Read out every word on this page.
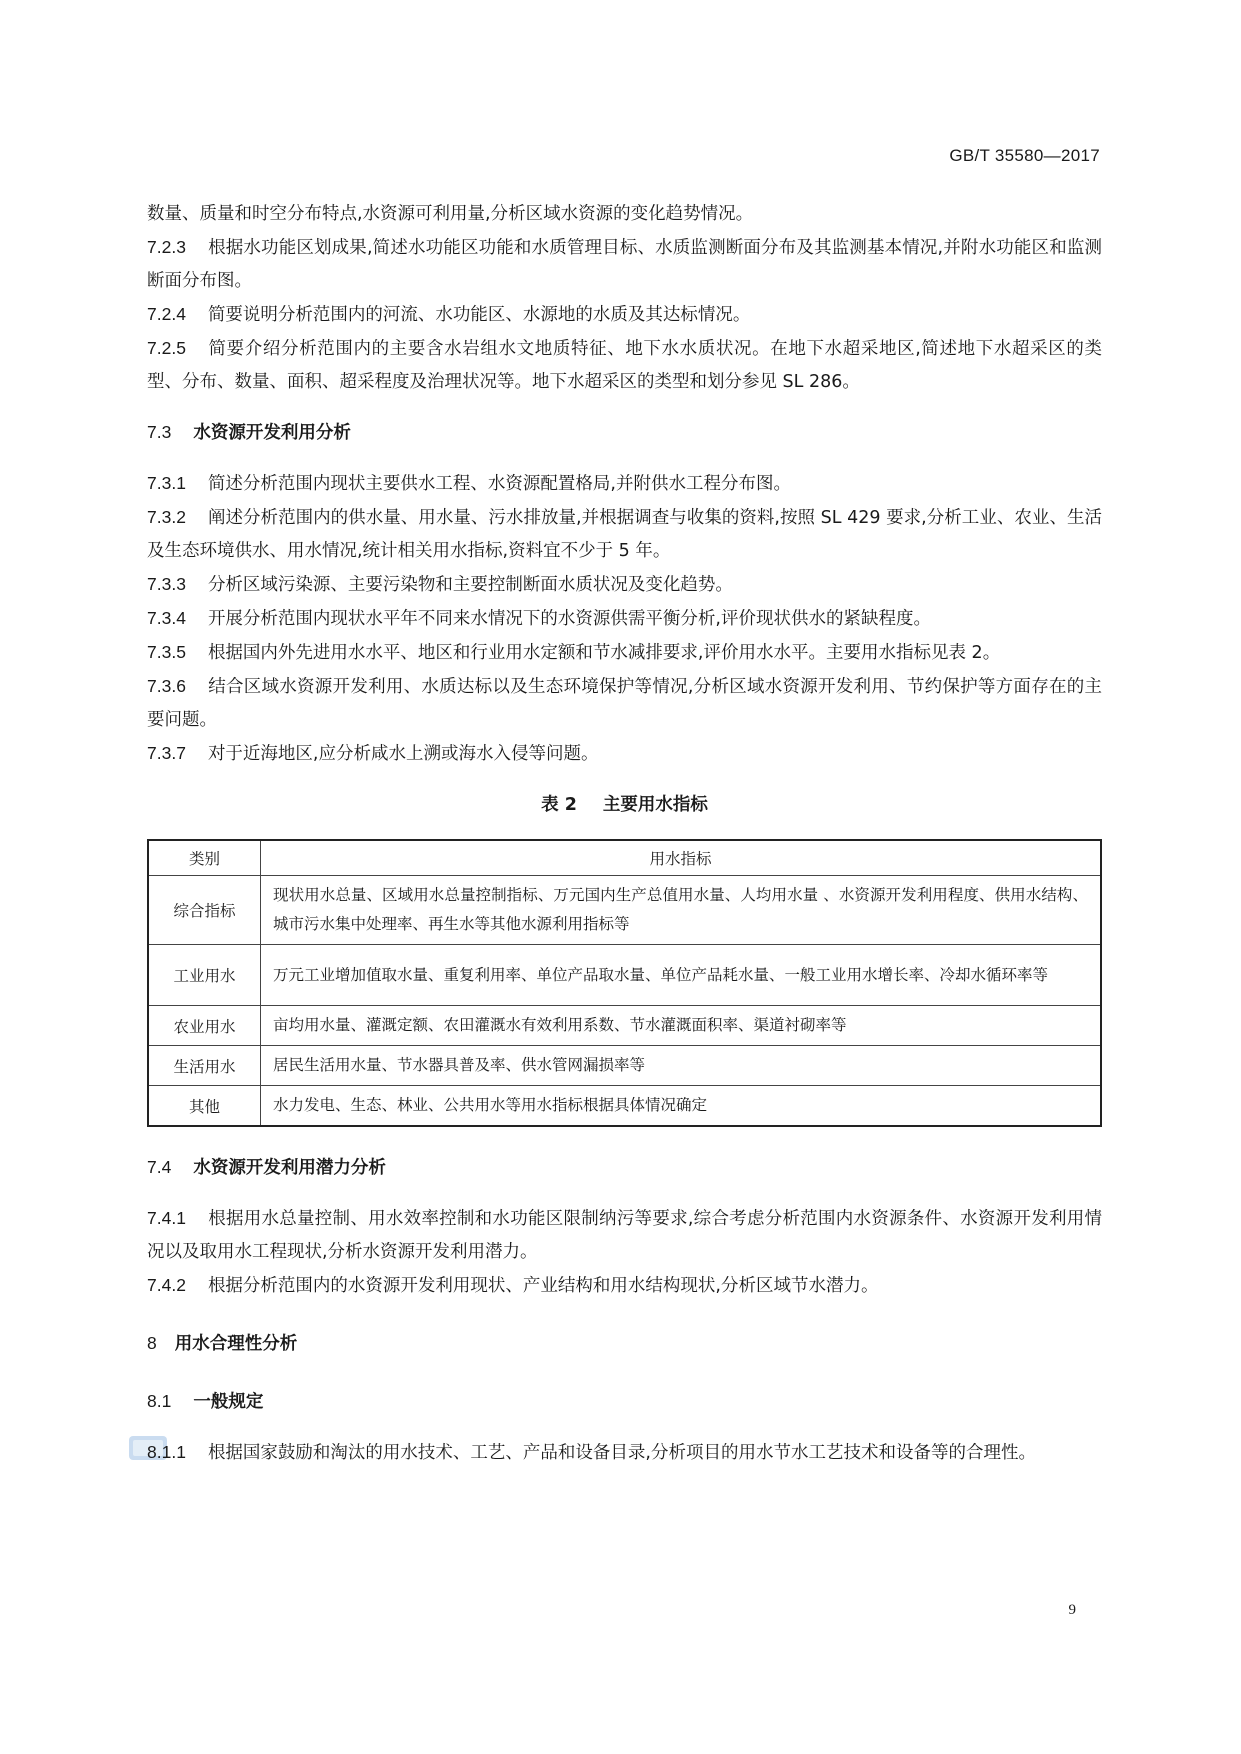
GB/T 35580—2017

数量、质量和时空分布特点,水资源可利用量,分析区域水资源的变化趋势情况。

7.2.3 根据水功能区划成果,简述水功能区功能和水质管理目标、水质监测断面分布及其监测基本情况,并附水功能区和监测断面分布图。

7.2.4 简要说明分析范围内的河流、水功能区、水源地的水质及其达标情况。

7.2.5 简要介绍分析范围内的主要含水岩组水文地质特征、地下水水质状况。在地下水超采地区,简述地下水超采区的类型、分布、数量、面积、超采程度及治理状况等。地下水超采区的类型和划分参见 SL 286。

7.3 水资源开发利用分析

7.3.1 简述分析范围内现状主要供水工程、水资源配置格局,并附供水工程分布图。

7.3.2 阐述分析范围内的供水量、用水量、污水排放量,并根据调查与收集的资料,按照 SL 429 要求,分析工业、农业、生活及生态环境供水、用水情况,统计相关用水指标,资料宜不少于 5 年。

7.3.3 分析区域污染源、主要污染物和主要控制断面水质状况及变化趋势。

7.3.4 开展分析范围内现状水平年不同来水情况下的水资源供需平衡分析,评价现状供水的紧缺程度。

7.3.5 根据国内外先进用水水平、地区和行业用水定额和节水减排要求,评价用水水平。主要用水指标见表 2。

7.3.6 结合区域水资源开发利用、水质达标以及生态环境保护等情况,分析区域水资源开发利用、节约保护等方面存在的主要问题。

7.3.7 对于近海地区,应分析咸水上溯或海水入侵等问题。

表 2 主要用水指标
类别	用水指标
综合指标	现状用水总量、区域用水总量控制指标、万元国内生产总值用水量、人均用水量 、水资源开发利用程度、供用水结构、城市污水集中处理率、再生水等其他水源利用指标等
工业用水	万元工业增加值取水量、重复利用率、单位产品取水量、单位产品耗水量、一般工业用水增长率、冷却水循环率等
农业用水	亩均用水量、灌溉定额、农田灌溉水有效利用系数、节水灌溉面积率、渠道衬砌率等
生活用水	居民生活用水量、节水器具普及率、供水管网漏损率等
其他	水力发电、生态、林业、公共用水等用水指标根据具体情况确定
7.4 水资源开发利用潜力分析

7.4.1 根据用水总量控制、用水效率控制和水功能区限制纳污等要求,综合考虑分析范围内水资源条件、水资源开发利用情况以及取用水工程现状,分析水资源开发利用潜力。

7.4.2 根据分析范围内的水资源开发利用现状、产业结构和用水结构现状,分析区域节水潜力。

8 用水合理性分析
8.1 一般规定

8.1.1 根据国家鼓励和淘汰的用水技术、工艺、产品和设备目录,分析项目的用水节水工艺技术和设备等的合理性。

9
